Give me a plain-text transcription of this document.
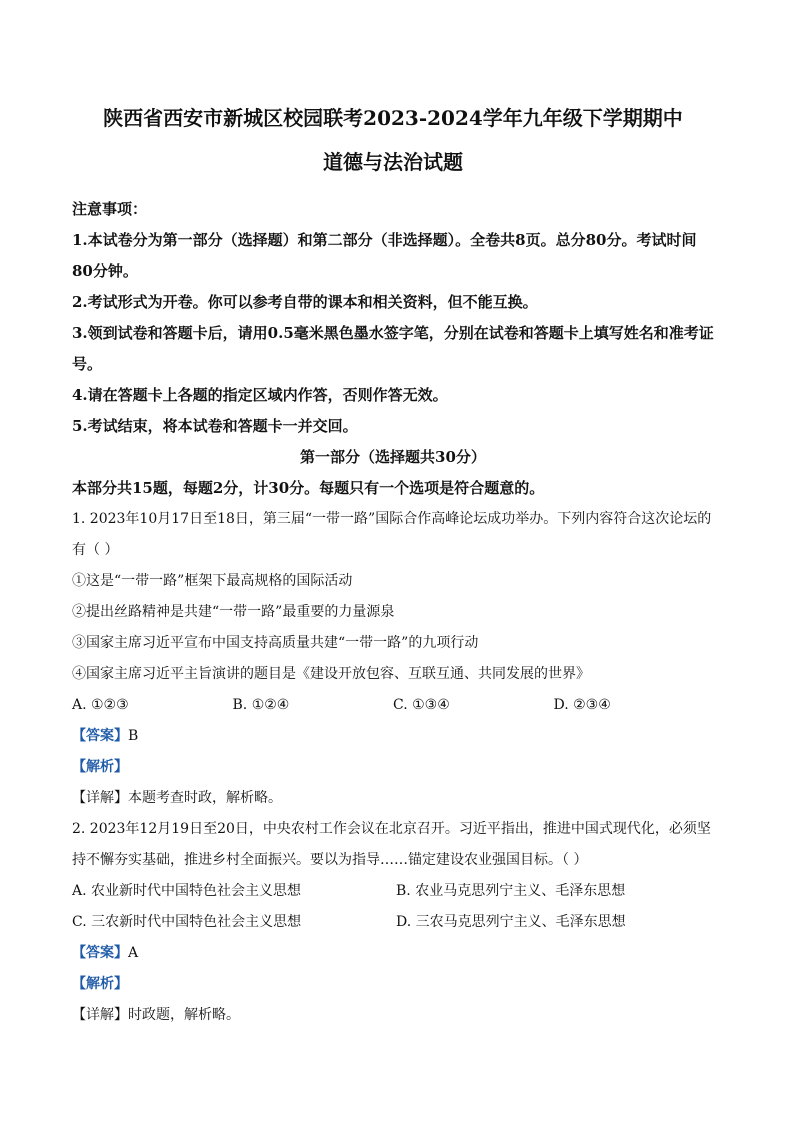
陕西省西安市新城区校园联考2023-2024学年九年级下学期期中

道德与法治试题

注意事项：

1.本试卷分为第一部分（选择题）和第二部分（非选择题）。全卷共8页。总分80分。考试时间80分钟。

2.考试形式为开卷。你可以参考自带的课本和相关资料，但不能互换。

3.领到试卷和答题卡后，请用0.5毫米黑色墨水签字笔，分别在试卷和答题卡上填写姓名和准考证号。

4.请在答题卡上各题的指定区域内作答，否则作答无效。

5.考试结束，将本试卷和答题卡一并交回。

第一部分（选择题共30分）

本部分共15题，每题2分，计30分。每题只有一个选项是符合题意的。

1. 2023年10月17日至18日，第三届“一带一路”国际合作高峰论坛成功举办。下列内容符合这次论坛的有（ ）

①这是“一带一路”框架下最高规格的国际活动

②提出丝路精神是共建“一带一路”最重要的力量源泉

③国家主席习近平宣布中国支持高质量共建“一带一路”的九项行动

④国家主席习近平主旨演讲的题目是《建设开放包容、互联互通、共同发展的世界》

A. ①②③	B. ①②④	C. ①③④	D. ②③④

【答案】B

【解析】

【详解】本题考查时政，解析略。

2. 2023年12月19日至20日，中央农村工作会议在北京召开。习近平指出，推进中国式现代化，必须坚持不懈夯实基础，推进乡村全面振兴。要以为指导……锚定建设农业强国目标。（ ）

A. 农业新时代中国特色社会主义思想	B. 农业马克思列宁主义、毛泽东思想
C. 三农新时代中国特色社会主义思想	D. 三农马克思列宁主义、毛泽东思想

【答案】A

【解析】

【详解】时政题，解析略。
